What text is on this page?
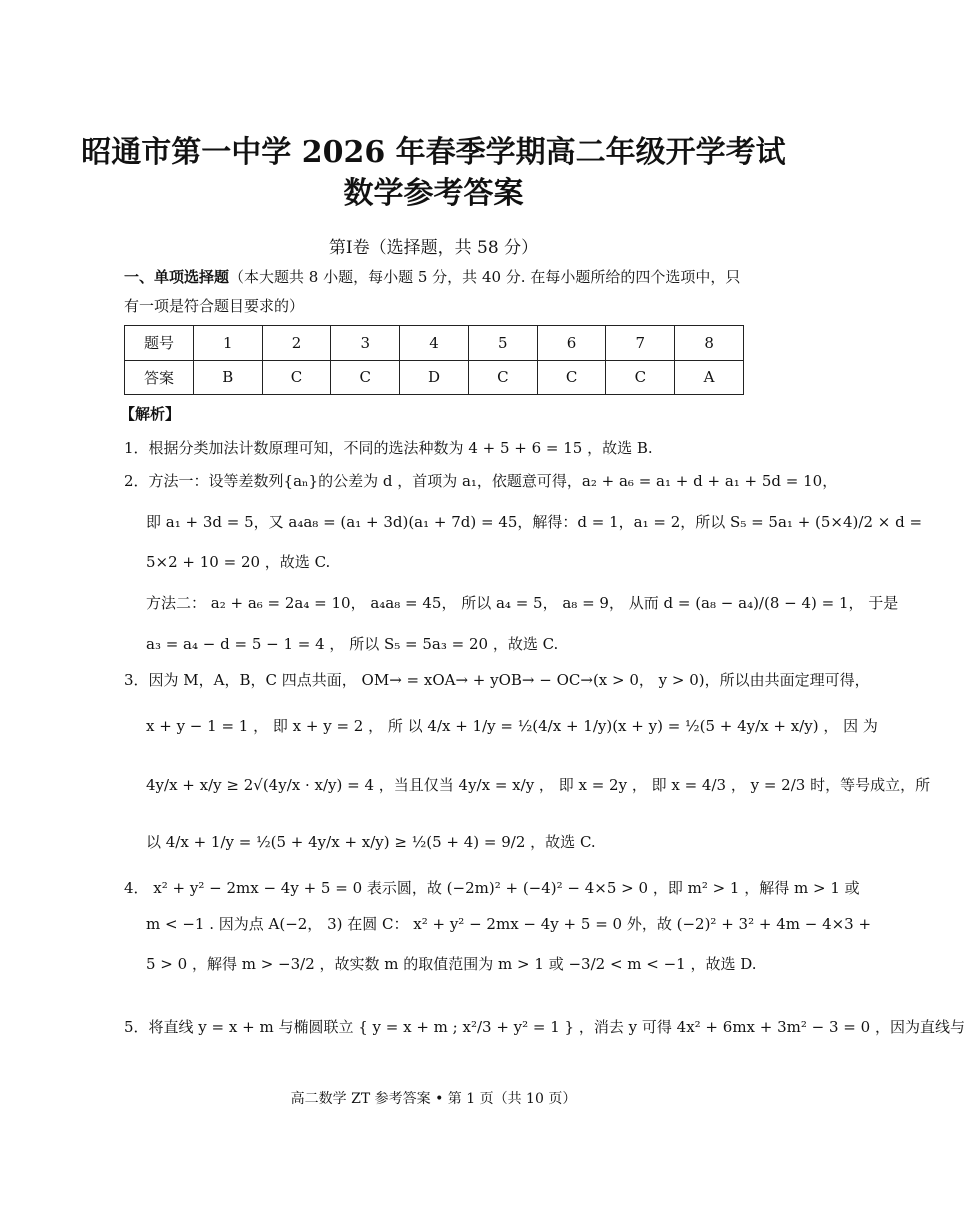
昭通市第一中学 2026 年春季学期高二年级开学考试
数学参考答案
第Ⅰ卷（选择题，共 58 分）
一、单项选择题（本大题共 8 小题，每小题 5 分，共 40 分. 在每小题所给的四个选项中，只
有一项是符合题目要求的）
题号	1	2	3	4	5	6	7	8
答案	B	C	C	D	C	C	C	A
【解析】
1．根据分类加法计数原理可知，不同的选法种数为 4 + 5 + 6 = 15 ，故选 B.
2．方法一：设等差数列{aₙ}的公差为 d ，首项为 a₁，依题意可得，a₂ + a₆ = a₁ + d + a₁ + 5d = 10，
即 a₁ + 3d = 5，又 a₄a₈ = (a₁ + 3d)(a₁ + 7d) = 45，解得：d = 1，a₁ = 2，所以 S₅ = 5a₁ + (5×4)/2 × d =
5×2 + 10 = 20 ，故选 C.
方法二： a₂ + a₆ = 2a₄ = 10， a₄a₈ = 45， 所以 a₄ = 5， a₈ = 9， 从而 d = (a₈ − a₄)/(8 − 4) = 1， 于是
a₃ = a₄ − d = 5 − 1 = 4 ， 所以 S₅ = 5a₃ = 20 ，故选 C.
3．因为 M，A，B，C 四点共面， OM→ = xOA→ + yOB→ − OC→(x > 0， y > 0)，所以由共面定理可得，
x + y − 1 = 1 ， 即 x + y = 2 ， 所 以 4/x + 1/y = ½(4/x + 1/y)(x + y) = ½(5 + 4y/x + x/y) ， 因 为
4y/x + x/y ≥ 2√(4y/x · x/y) = 4 ，当且仅当 4y/x = x/y ， 即 x = 2y ， 即 x = 4/3 ， y = 2/3 时，等号成立，所
以 4/x + 1/y = ½(5 + 4y/x + x/y) ≥ ½(5 + 4) = 9/2 ，故选 C.
4． x² + y² − 2mx − 4y + 5 = 0 表示圆，故 (−2m)² + (−4)² − 4×5 > 0 ，即 m² > 1 ，解得 m > 1 或
m < −1 . 因为点 A(−2， 3) 在圆 C： x² + y² − 2mx − 4y + 5 = 0 外，故 (−2)² + 3² + 4m − 4×3 +
5 > 0 ，解得 m > −3/2 ，故实数 m 的取值范围为 m > 1 或 −3/2 < m < −1 ，故选 D.
5．将直线 y = x + m 与椭圆联立 { y = x + m ; x²/3 + y² = 1 } ，消去 y 可得 4x² + 6mx + 3m² − 3 = 0 ，因为直线与
高二数学 ZT 参考答案 • 第 1 页（共 10 页）
